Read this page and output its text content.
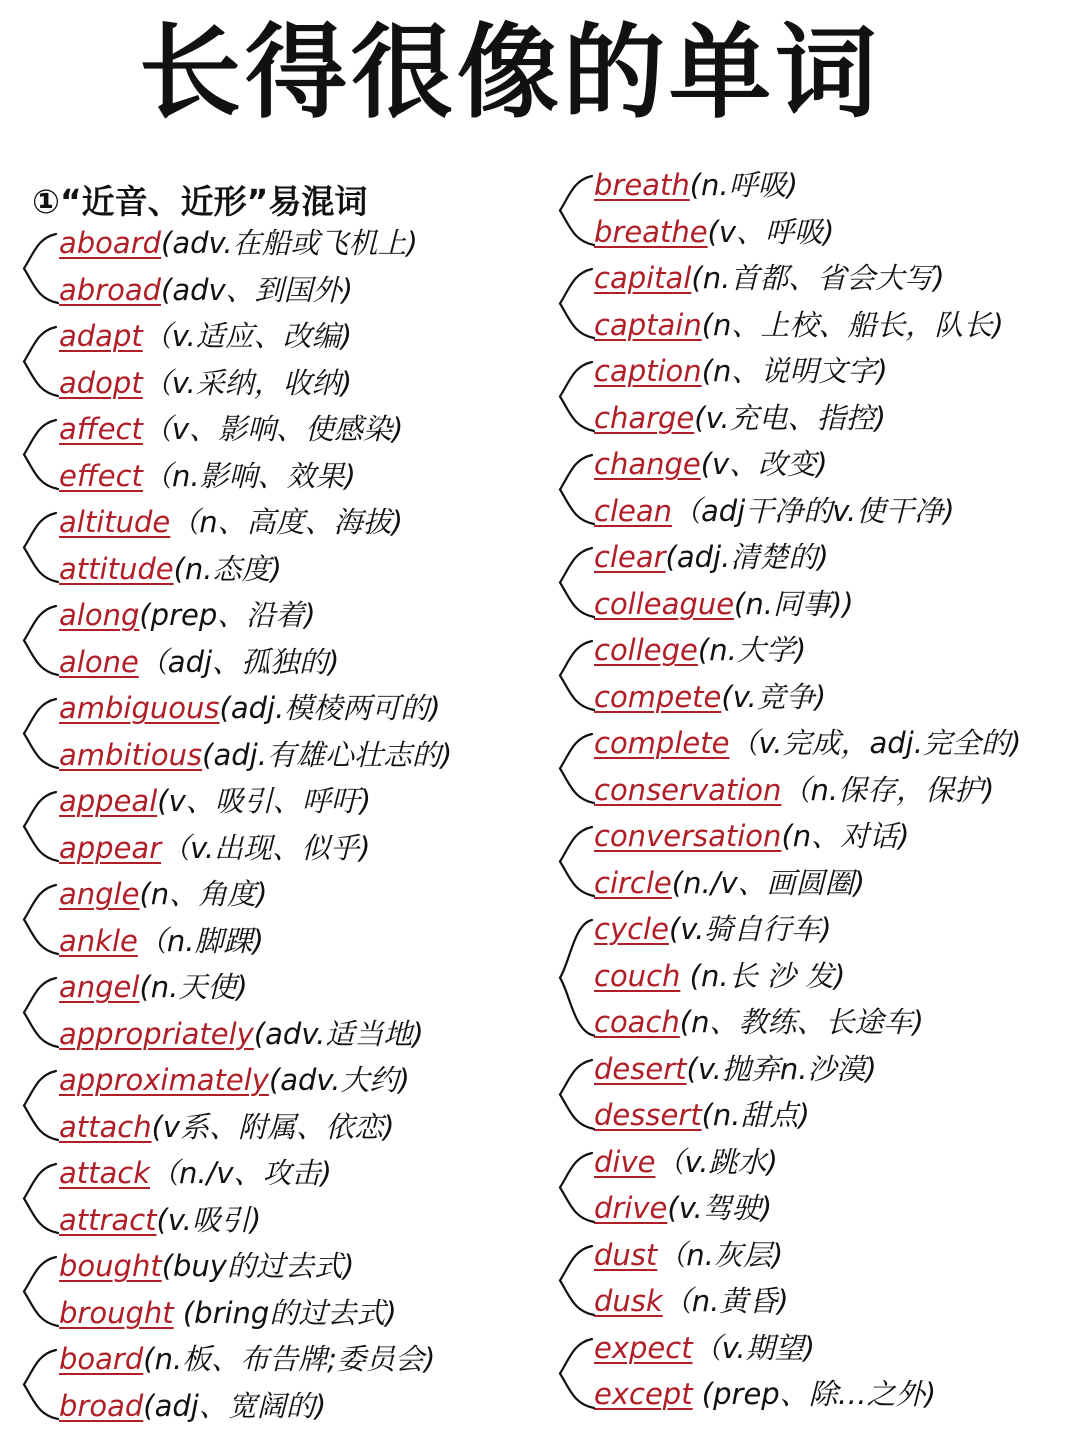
长得很像的单词
①“近音、近形”易混词
aboard(adv.在船或飞机上)
abroad(adv、到国外)
adapt（v.适应、改编)
adopt（v.采纳，收纳)
affect（v、影响、使感染)
effect（n.影响、效果)
altitude（n、高度、海拔)
attitude(n.态度)
along(prep、沿着)
alone（adj、孤独的)
ambiguous(adj.模棱两可的)
ambitious(adj.有雄心壮志的)
appeal(v、吸引、呼吁)
appear（v.出现、似乎)
angle(n、角度)
ankle（n.脚踝)
angel(n.天使)
appropriately(adv.适当地)
approximately(adv.大约)
attach(v系、附属、依恋)
attack（n./v、攻击)
attract(v.吸引)
bought(buy的过去式)
brought (bring的过去式)
board(n.板、布告牌;委员会)
broad(adj、宽阔的)
breath(n.呼吸)
breathe(v、呼吸)
capital(n.首都、省会大写)
captain(n、上校、船长，队长)
caption(n、说明文字)
charge(v.充电、指控)
change(v、改变)
clean（adj干净的v.使干净)
clear(adj.清楚的)
colleague(n.同事))
college(n.大学)
compete(v.竞争)
complete（v.完成，adj.完全的)
conservation（n.保存，保护)
conversation(n、对话)
circle(n./v、画圆圈)
cycle(v.骑自行车)
couch (n.长 沙 发)
coach(n、教练、长途车)
desert(v.抛弃n.沙漠)
dessert(n.甜点)
dive（v.跳水)
drive(v.驾驶)
dust（n.灰层)
dusk（n.黄昏)
expect（v.期望)
except (prep、除…之外)
